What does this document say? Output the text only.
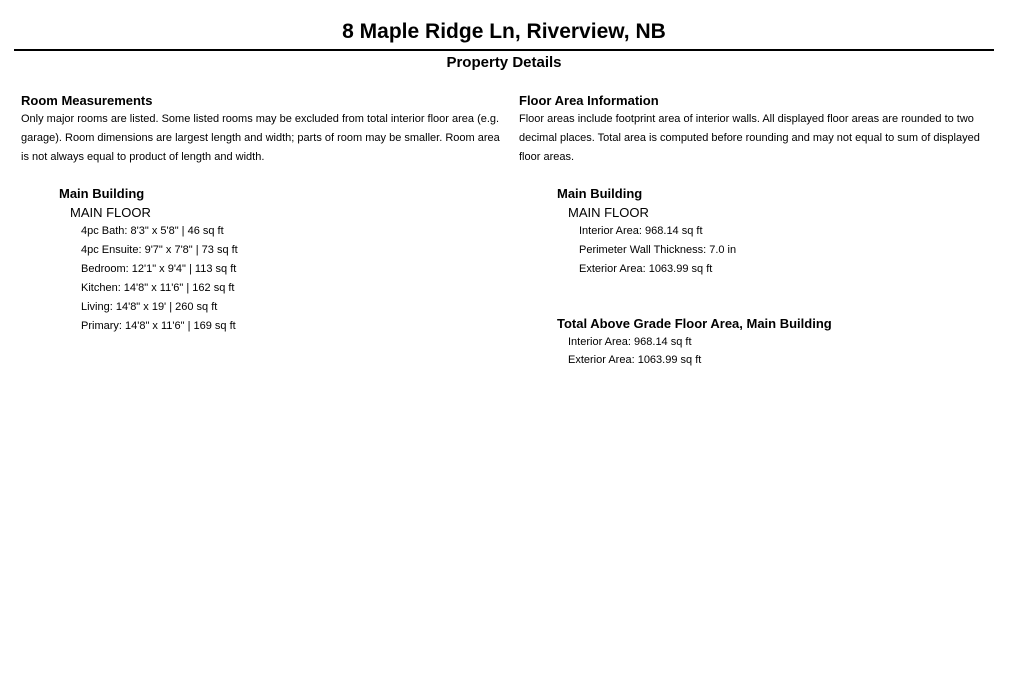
8 Maple Ridge Ln, Riverview, NB
Property Details
Room Measurements

Only major rooms are listed. Some listed rooms may be excluded from total interior floor area (e.g. garage). Room dimensions are largest length and width; parts of room may be smaller. Room area is not always equal to product of length and width.

Main Building
MAIN FLOOR
4pc Bath: 8'3" x 5'8" | 46 sq ft
4pc Ensuite: 9'7" x 7'8" | 73 sq ft
Bedroom: 12'1" x 9'4" | 113 sq ft
Kitchen: 14'8" x 11'6" | 162 sq ft
Living: 14'8" x 19' | 260 sq ft
Primary: 14'8" x 11'6" | 169 sq ft
Floor Area Information

Floor areas include footprint area of interior walls. All displayed floor areas are rounded to two decimal places. Total area is computed before rounding and may not equal to sum of displayed floor areas.

Main Building
MAIN FLOOR
Interior Area: 968.14 sq ft
Perimeter Wall Thickness: 7.0 in
Exterior Area: 1063.99 sq ft
Total Above Grade Floor Area, Main Building
Interior Area: 968.14 sq ft
Exterior Area: 1063.99 sq ft
